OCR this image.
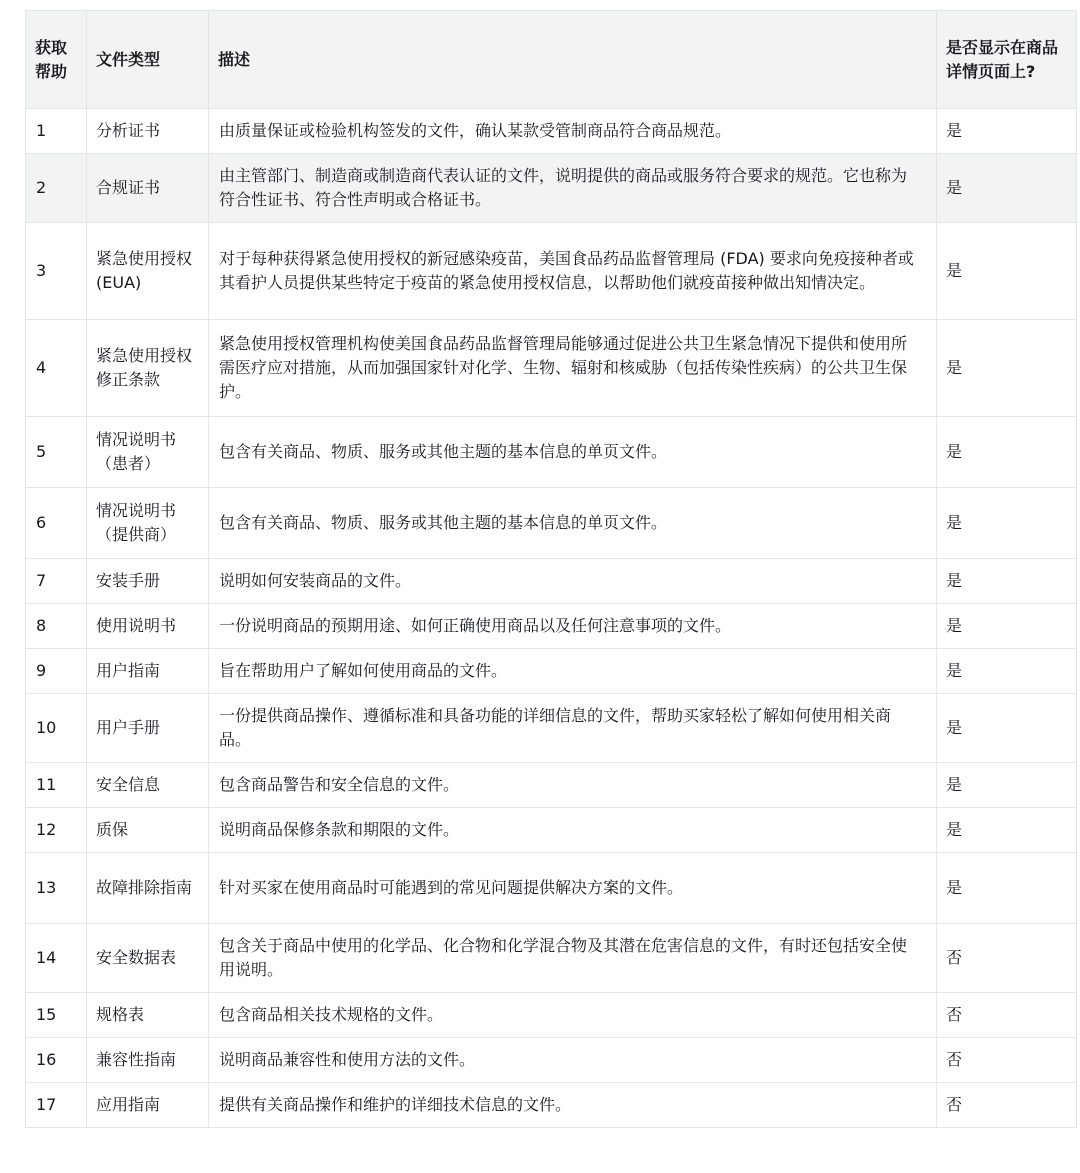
获取帮助	文件类型	描述	是否显示在商品详情页面上?
1	分析证书	由质量保证或检验机构签发的文件，确认某款受管制商品符合商品规范。	是
2	合规证书	由主管部门、制造商或制造商代表认证的文件，说明提供的商品或服务符合要求的规范。它也称为符合性证书、符合性声明或合格证书。	是
3	紧急使用授权 (EUA)	对于每种获得紧急使用授权的新冠感染疫苗，美国食品药品监督管理局 (FDA) 要求向免疫接种者或其看护人员提供某些特定于疫苗的紧急使用授权信息，以帮助他们就疫苗接种做出知情决定。	是
4	紧急使用授权修正条款	紧急使用授权管理机构使美国食品药品监督管理局能够通过促进公共卫生紧急情况下提供和使用所需医疗应对措施，从而加强国家针对化学、生物、辐射和核威胁（包括传染性疾病）的公共卫生保护。	是
5	情况说明书（患者）	包含有关商品、物质、服务或其他主题的基本信息的单页文件。	是
6	情况说明书（提供商）	包含有关商品、物质、服务或其他主题的基本信息的单页文件。	是
7	安装手册	说明如何安装商品的文件。	是
8	使用说明书	一份说明商品的预期用途、如何正确使用商品以及任何注意事项的文件。	是
9	用户指南	旨在帮助用户了解如何使用商品的文件。	是
10	用户手册	一份提供商品操作、遵循标准和具备功能的详细信息的文件，帮助买家轻松了解如何使用相关商品。	是
11	安全信息	包含商品警告和安全信息的文件。	是
12	质保	说明商品保修条款和期限的文件。	是
13	故障排除指南	针对买家在使用商品时可能遇到的常见问题提供解决方案的文件。	是
14	安全数据表	包含关于商品中使用的化学品、化合物和化学混合物及其潜在危害信息的文件，有时还包括安全使用说明。	否
15	规格表	包含商品相关技术规格的文件。	否
16	兼容性指南	说明商品兼容性和使用方法的文件。	否
17	应用指南	提供有关商品操作和维护的详细技术信息的文件。	否
